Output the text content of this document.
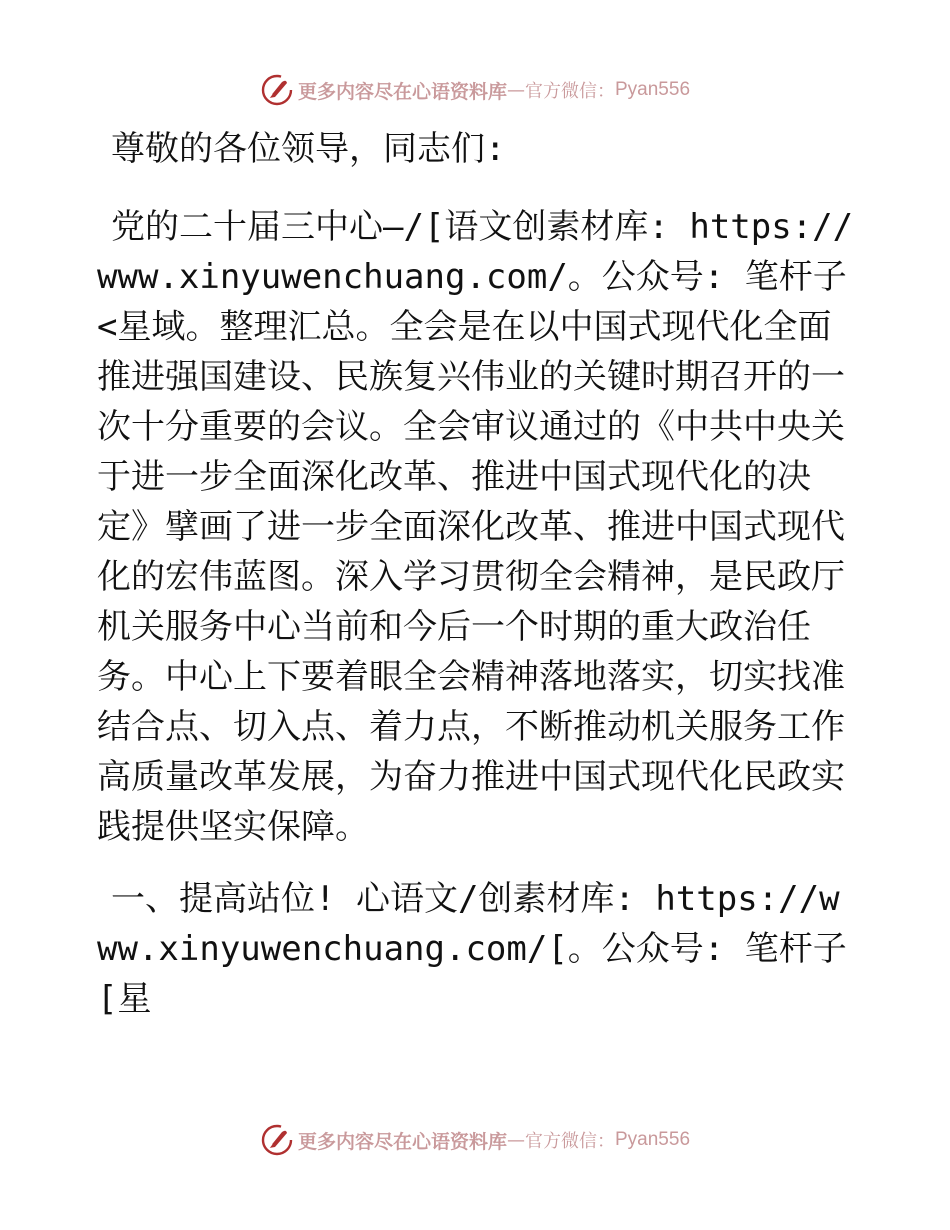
更多内容尽在心语资料库 — 官方微信： Pyan556

尊敬的各位领导，同志们:

党的二十届三中心—/[语文创素材库: https://www.xinyuwenchuang.com/。公众号: 笔杆子<星域。整理汇总。全会是在以中国式现代化全面推进强国建设、民族复兴伟业的关键时期召开的一次十分重要的会议。全会审议通过的《中共中央关于进一步全面深化改革、推进中国式现代化的决定》擘画了进一步全面深化改革、推进中国式现代化的宏伟蓝图。深入学习贯彻全会精神，是民政厅机关服务中心当前和今后一个时期的重大政治任务。中心上下要着眼全会精神落地落实，切实找准结合点、切入点、着力点，不断推动机关服务工作高质量改革发展，为奋力推进中国式现代化民政实践提供坚实保障。

一、提高站位! 心语文/创素材库: https://www.xinyuwenchuang.com/[。公众号: 笔杆子[星

更多内容尽在心语资料库 — 官方微信： Pyan556
